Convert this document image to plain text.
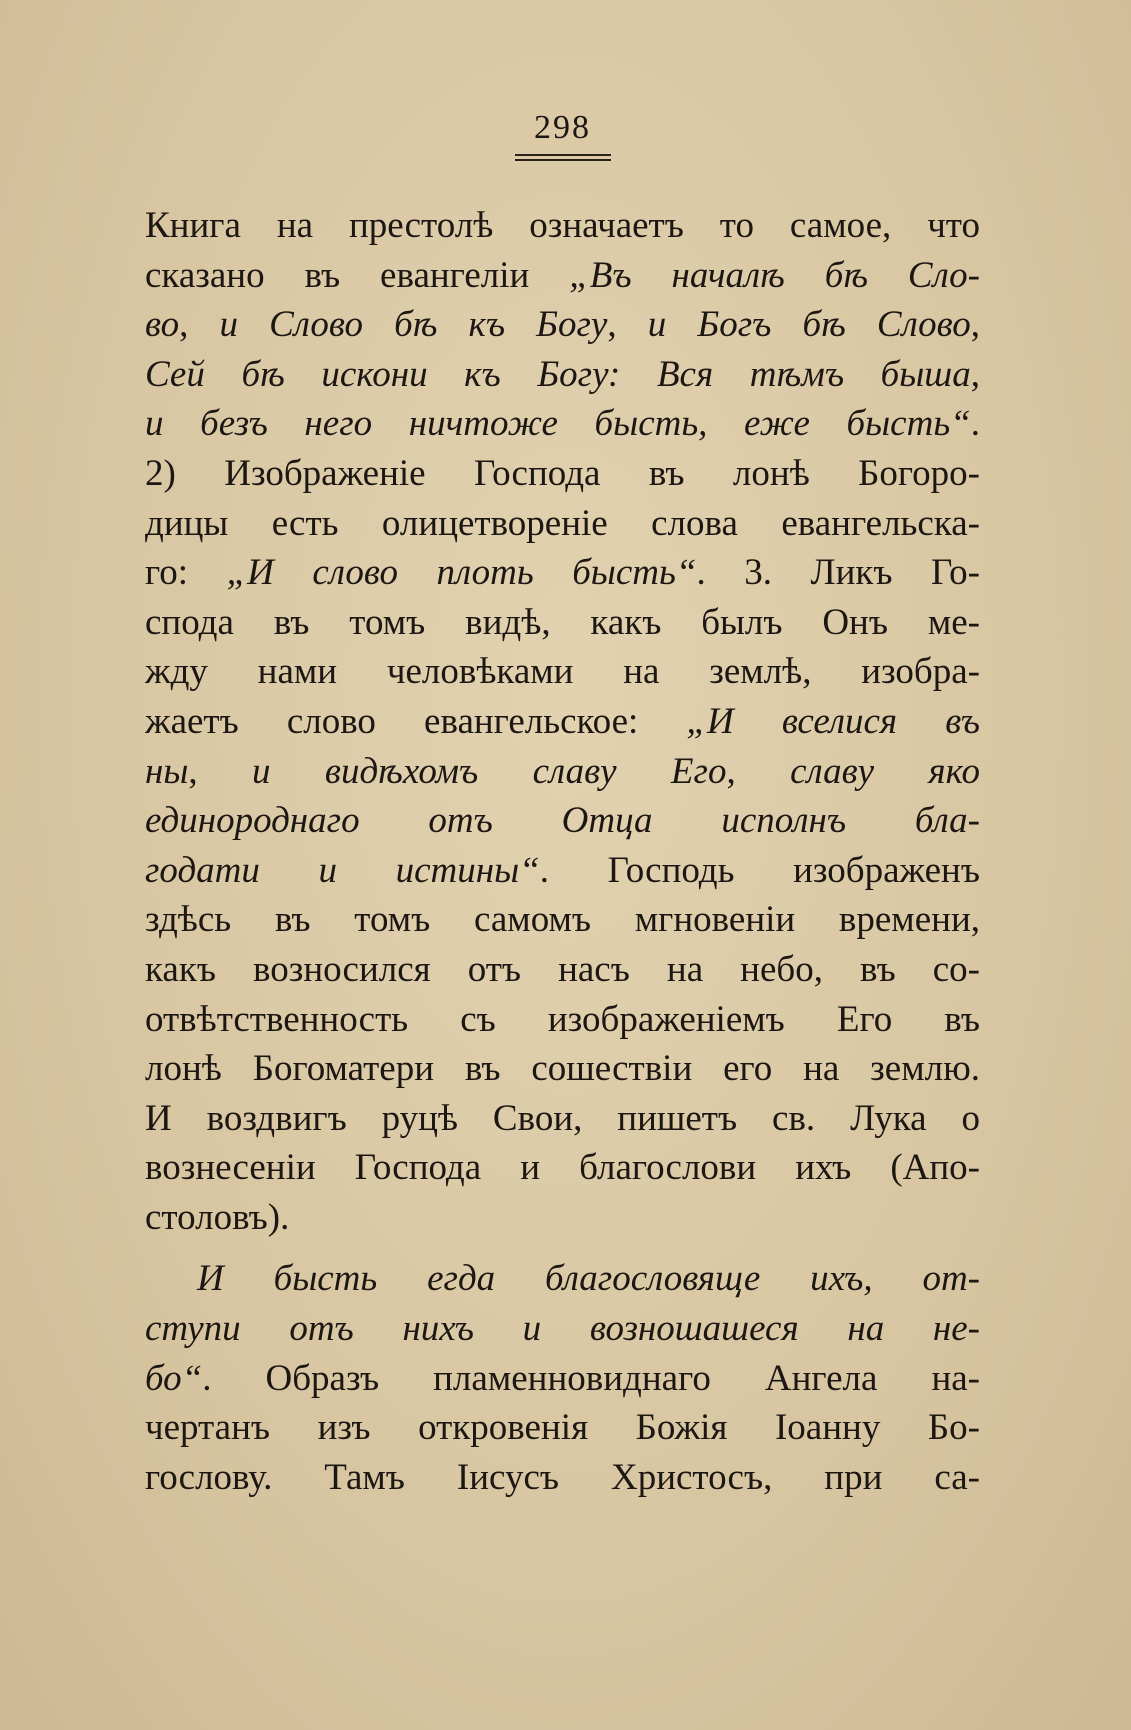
298
Книга на престолѣ означаетъ то самое, что
сказано въ евангеліи „Въ началѣ бѣ Сло-
во, и Слово бѣ къ Богу, и Богъ бѣ Слово,
Сей бѣ искони къ Богу: Вся тѣмъ быша,
и безъ него ничтоже бысть, еже бысть“.
2) Изображеніе Господа въ лонѣ Богоро-
дицы есть олицетвореніе слова евангельска-
го: „И слово плоть бысть“. 3. Ликъ Го-
спода въ томъ видѣ, какъ былъ Онъ ме-
жду нами человѣками на землѣ, изобра-
жаетъ слово евангельское: „И вселися въ
ны, и видѣхомъ славу Его, славу яко
единороднаго отъ Отца исполнъ бла-
годати и истины“. Господь изображенъ
здѣсь въ томъ самомъ мгновеніи времени,
какъ возносился отъ насъ на небо, въ со-
отвѣтственность съ изображеніемъ Его въ
лонѣ Богоматери въ сошествіи его на землю.
И воздвигъ руцѣ Свои, пишетъ св. Лука о
вознесеніи Господа и благослови ихъ (Апо-
столовъ).
И бысть егда благословяще ихъ, от-
ступи отъ нихъ и возношашеся на не-
бо“. Образъ пламенновиднаго Ангела на-
чертанъ изъ откровенія Божія Іоанну Бо-
гослову. Тамъ Іисусъ Христосъ, при са-
